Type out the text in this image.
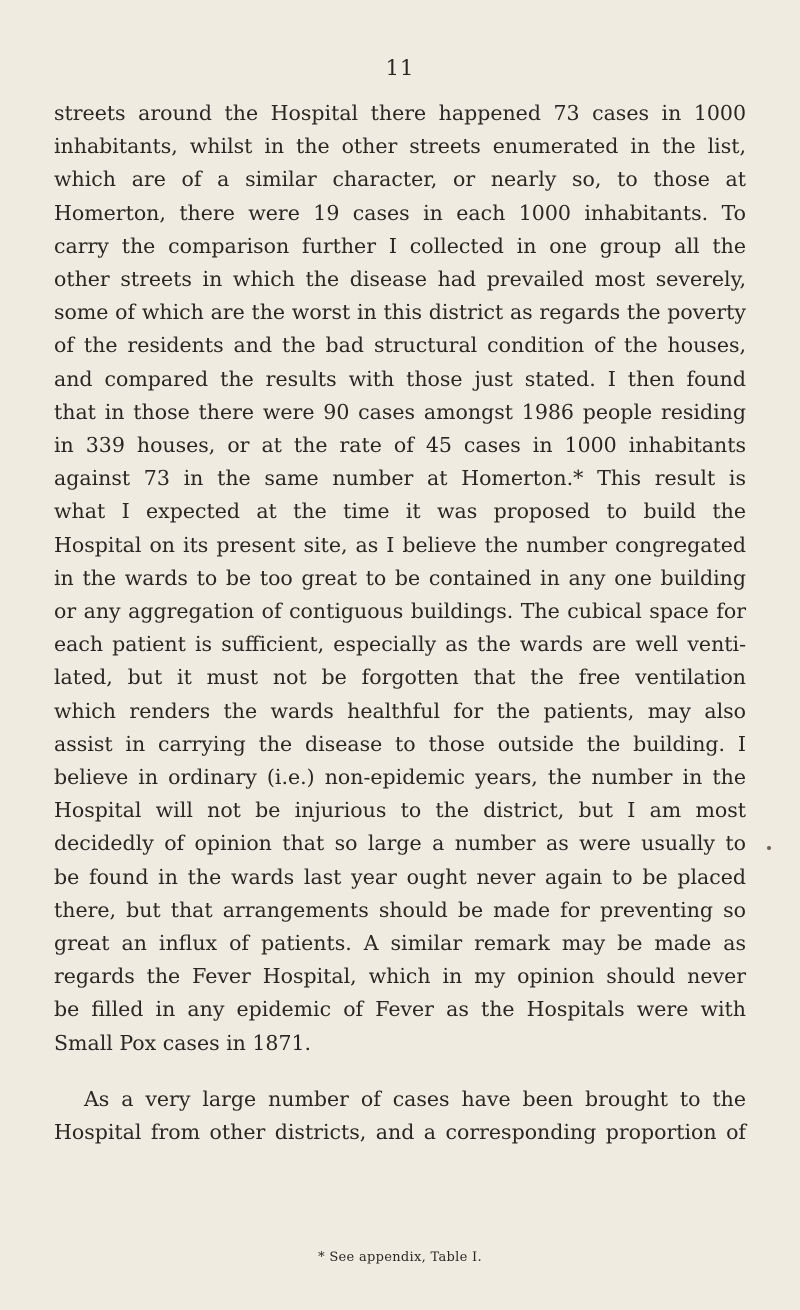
11
streets around the Hospital there happened 73 cases in 1000
inhabitants, whilst in the other streets enumerated in the list,
which are of a similar character, or nearly so, to those at
Homerton, there were 19 cases in each 1000 inhabitants. To
carry the comparison further I collected in one group all the
other streets in which the disease had prevailed most severely,
some of which are the worst in this district as regards the poverty
of the residents and the bad structural condition of the houses,
and compared the results with those just stated. I then found
that in those there were 90 cases amongst 1986 people residing
in 339 houses, or at the rate of 45 cases in 1000 inhabitants
against 73 in the same number at Homerton.* This result is
what I expected at the time it was proposed to build the
Hospital on its present site, as I believe the number congregated
in the wards to be too great to be contained in any one building
or any aggregation of contiguous buildings. The cubical space for
each patient is sufficient, especially as the wards are well venti-
lated, but it must not be forgotten that the free ventilation
which renders the wards healthful for the patients, may also
assist in carrying the disease to those outside the building. I
believe in ordinary (i.e.) non-epidemic years, the number in the
Hospital will not be injurious to the district, but I am most
decidedly of opinion that so large a number as were usually to
be found in the wards last year ought never again to be placed
there, but that arrangements should be made for preventing so
great an influx of patients. A similar remark may be made as
regards the Fever Hospital, which in my opinion should never
be filled in any epidemic of Fever as the Hospitals were with
Small Pox cases in 1871.
As a very large number of cases have been brought to the
Hospital from other districts, and a corresponding proportion of
* See appendix, Table I.
